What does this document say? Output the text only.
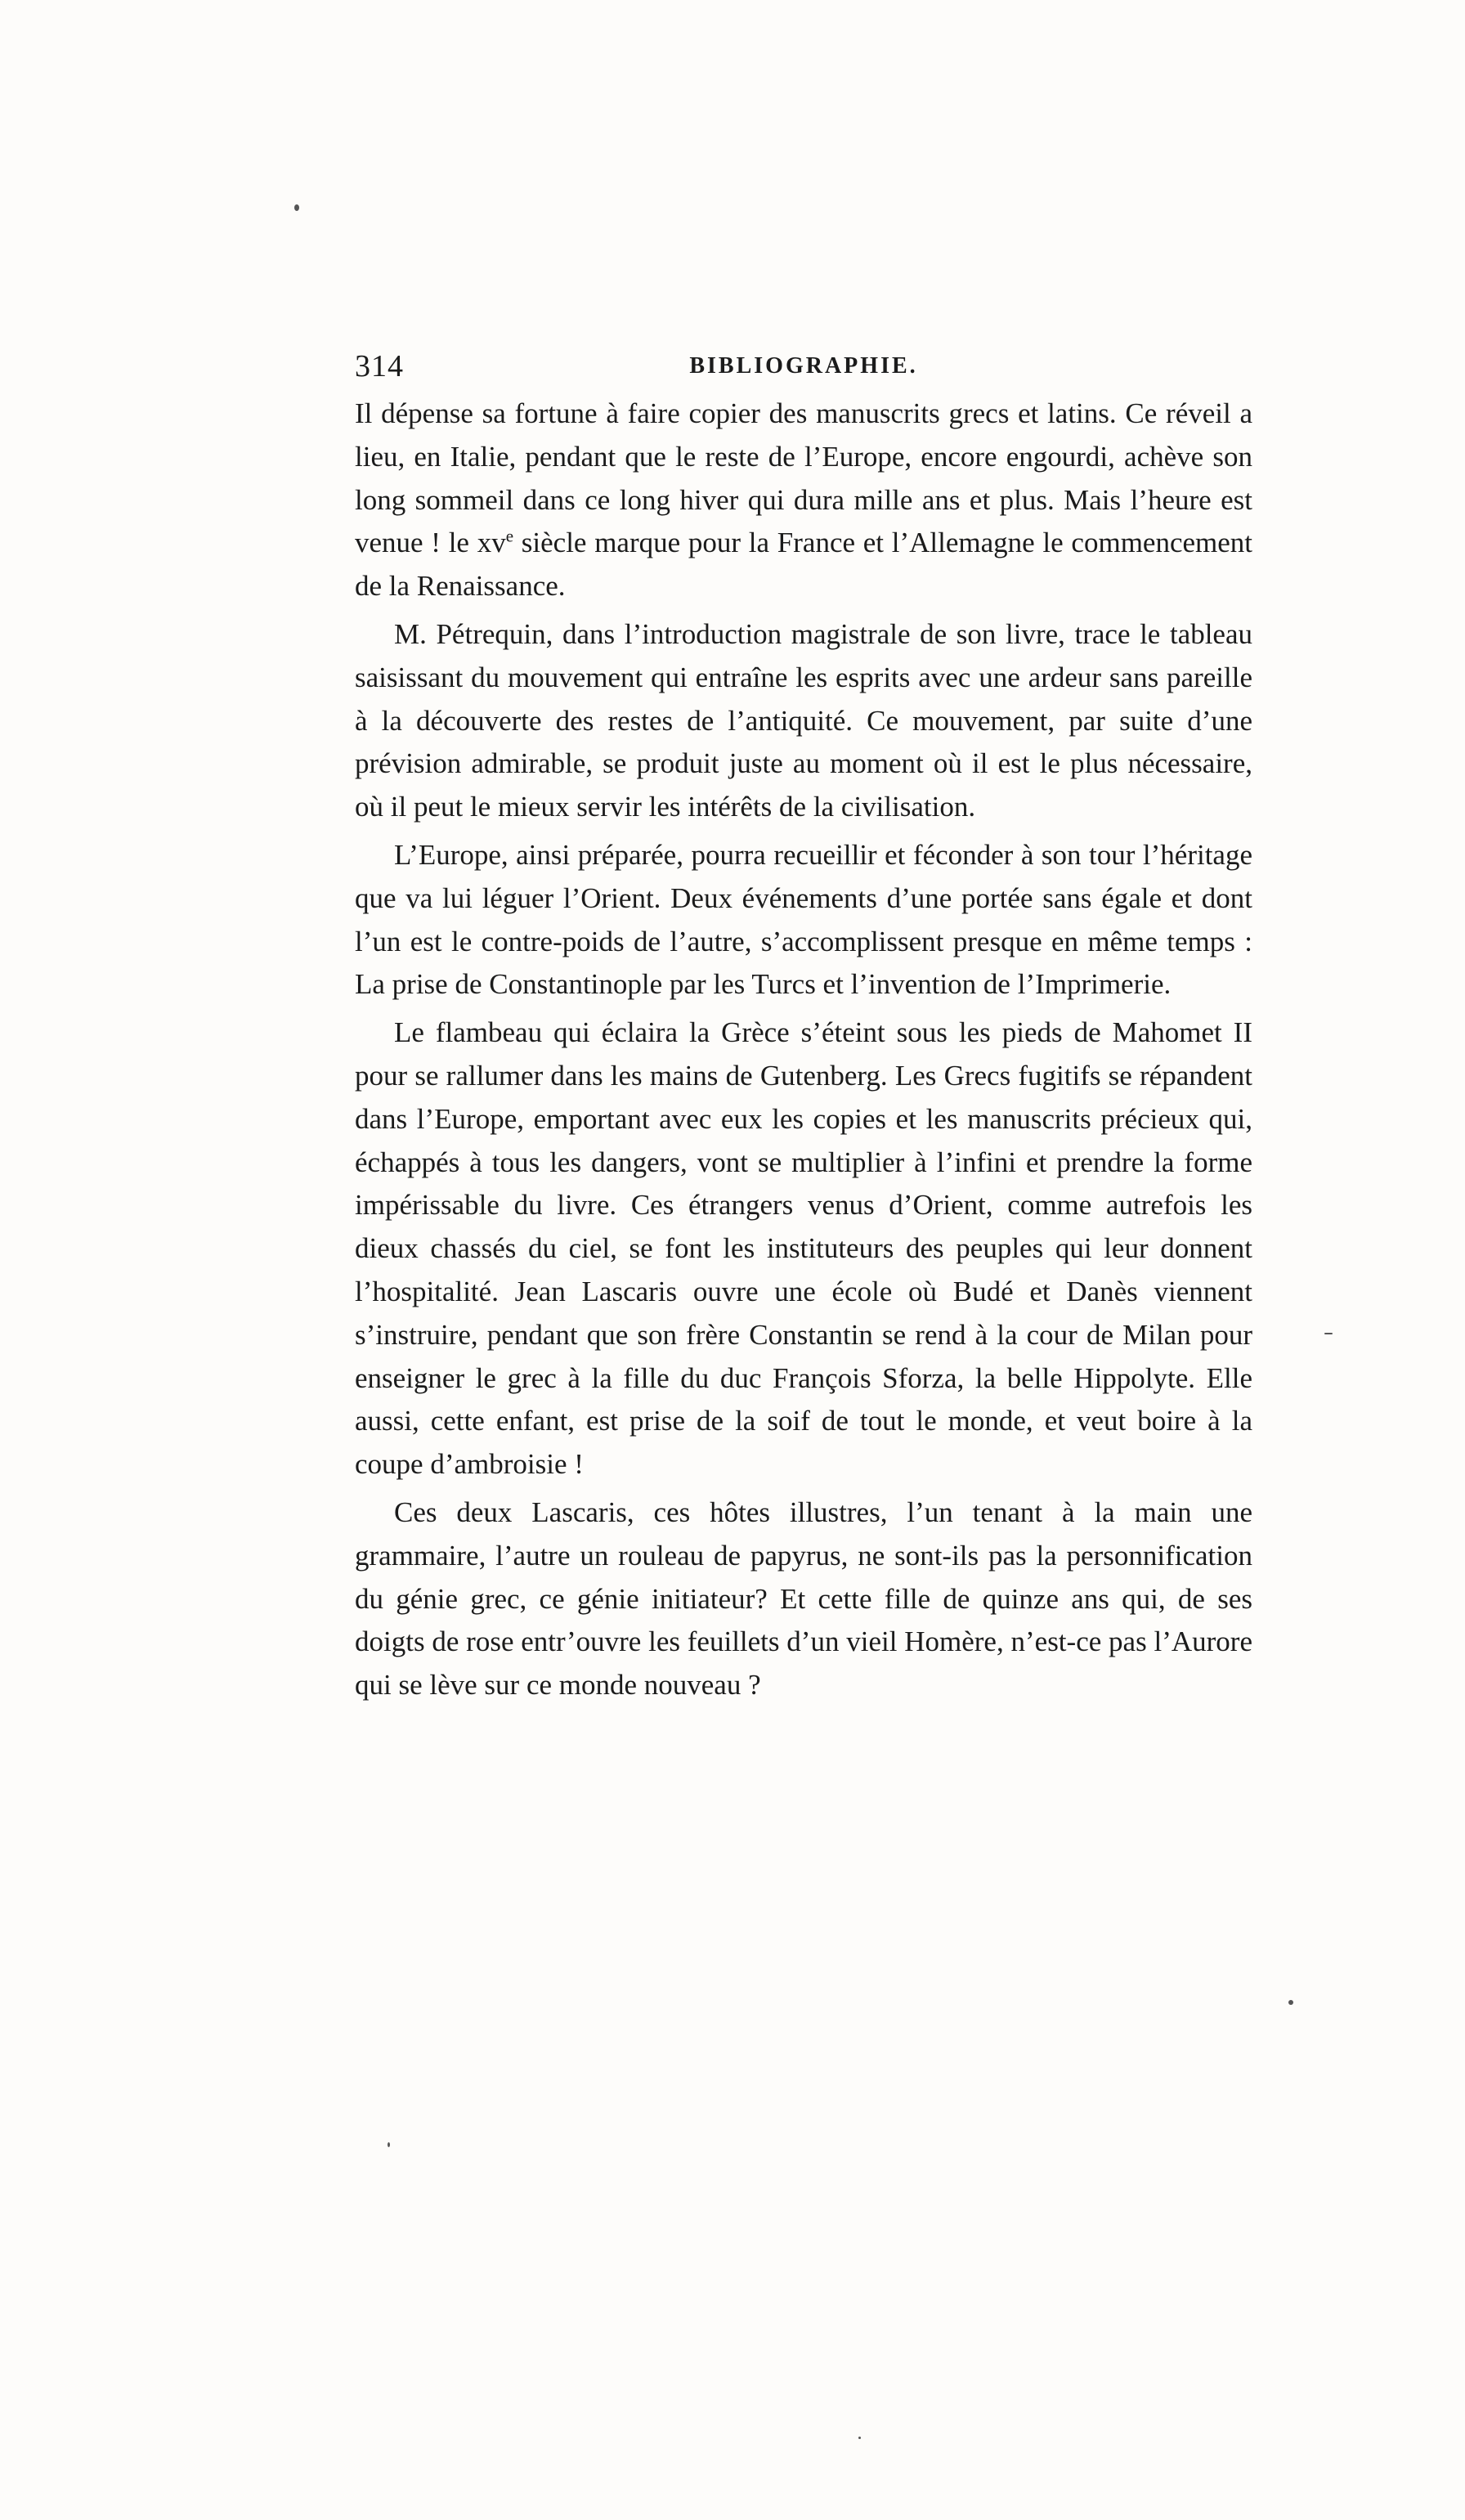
314	BIBLIOGRAPHIE.

Il dépense sa fortune à faire copier des manuscrits grecs et latins. Ce réveil a lieu, en Italie, pendant que le reste de l’Europe, encore engourdi, achève son long sommeil dans ce long hiver qui dura mille ans et plus. Mais l’heure est venue ! le $xv^e$ siècle marque pour la France et l’Allemagne le commencement de la Renaissance.

M. Pétrequin, dans l’introduction magistrale de son livre, trace le tableau saisissant du mouvement qui entraîne les esprits avec une ardeur sans pareille à la découverte des restes de l’antiquité. Ce mouvement, par suite d’une prévision admirable, se produit juste au moment où il est le plus nécessaire, où il peut le mieux servir les intérêts de la civilisation.

L’Europe, ainsi préparée, pourra recueillir et féconder à son tour l’héritage que va lui léguer l’Orient. Deux événements d’une portée sans égale et dont l’un est le contre-poids de l’autre, s’accomplissent presque en même temps : La prise de Constantinople par les Turcs et l’invention de l’Imprimerie.

Le flambeau qui éclaira la Grèce s’éteint sous les pieds de Mahomet II pour se rallumer dans les mains de Gutenberg. Les Grecs fugitifs se répandent dans l’Europe, emportant avec eux les copies et les manuscrits précieux qui, échappés à tous les dangers, vont se multiplier à l’infini et prendre la forme impérissable du livre. Ces étrangers venus d’Orient, comme autrefois les dieux chassés du ciel, se font les instituteurs des peuples qui leur donnent l’hospitalité. Jean Lascaris ouvre une école où Budé et Danès viennent s’instruire, pendant que son frère Constantin se rend à la cour de Milan pour enseigner le grec à la fille du duc François Sforza, la belle Hippolyte. Elle aussi, cette enfant, est prise de la soif de tout le monde, et veut boire à la coupe d’ambroisie !

Ces deux Lascaris, ces hôtes illustres, l’un tenant à la main une grammaire, l’autre un rouleau de papyrus, ne sont-ils pas la personnification du génie grec, ce génie initiateur? Et cette fille de quinze ans qui, de ses doigts de rose entr’ouvre les feuillets d’un vieil Homère, n’est-ce pas l’Aurore qui se lève sur ce monde nouveau ?
